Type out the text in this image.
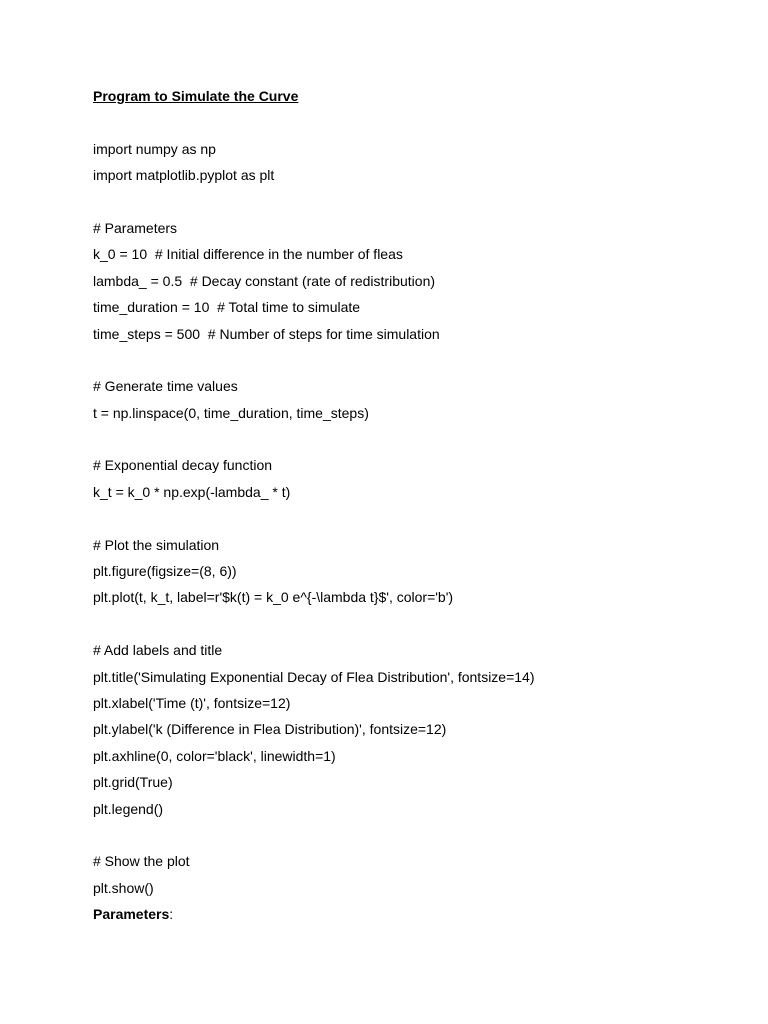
Program to Simulate the Curve
import numpy as np
import matplotlib.pyplot as plt
# Parameters
k_0 = 10  # Initial difference in the number of fleas
lambda_ = 0.5  # Decay constant (rate of redistribution)
time_duration = 10  # Total time to simulate
time_steps = 500  # Number of steps for time simulation
# Generate time values
t = np.linspace(0, time_duration, time_steps)
# Exponential decay function
k_t = k_0 * np.exp(-lambda_ * t)
# Plot the simulation
plt.figure(figsize=(8, 6))
plt.plot(t, k_t, label=r'$k(t) = k_0 e^{-\lambda t}$', color='b')
# Add labels and title
plt.title('Simulating Exponential Decay of Flea Distribution', fontsize=14)
plt.xlabel('Time (t)', fontsize=12)
plt.ylabel('k (Difference in Flea Distribution)', fontsize=12)
plt.axhline(0, color='black', linewidth=1)
plt.grid(True)
plt.legend()
# Show the plot
plt.show()
Parameters:
